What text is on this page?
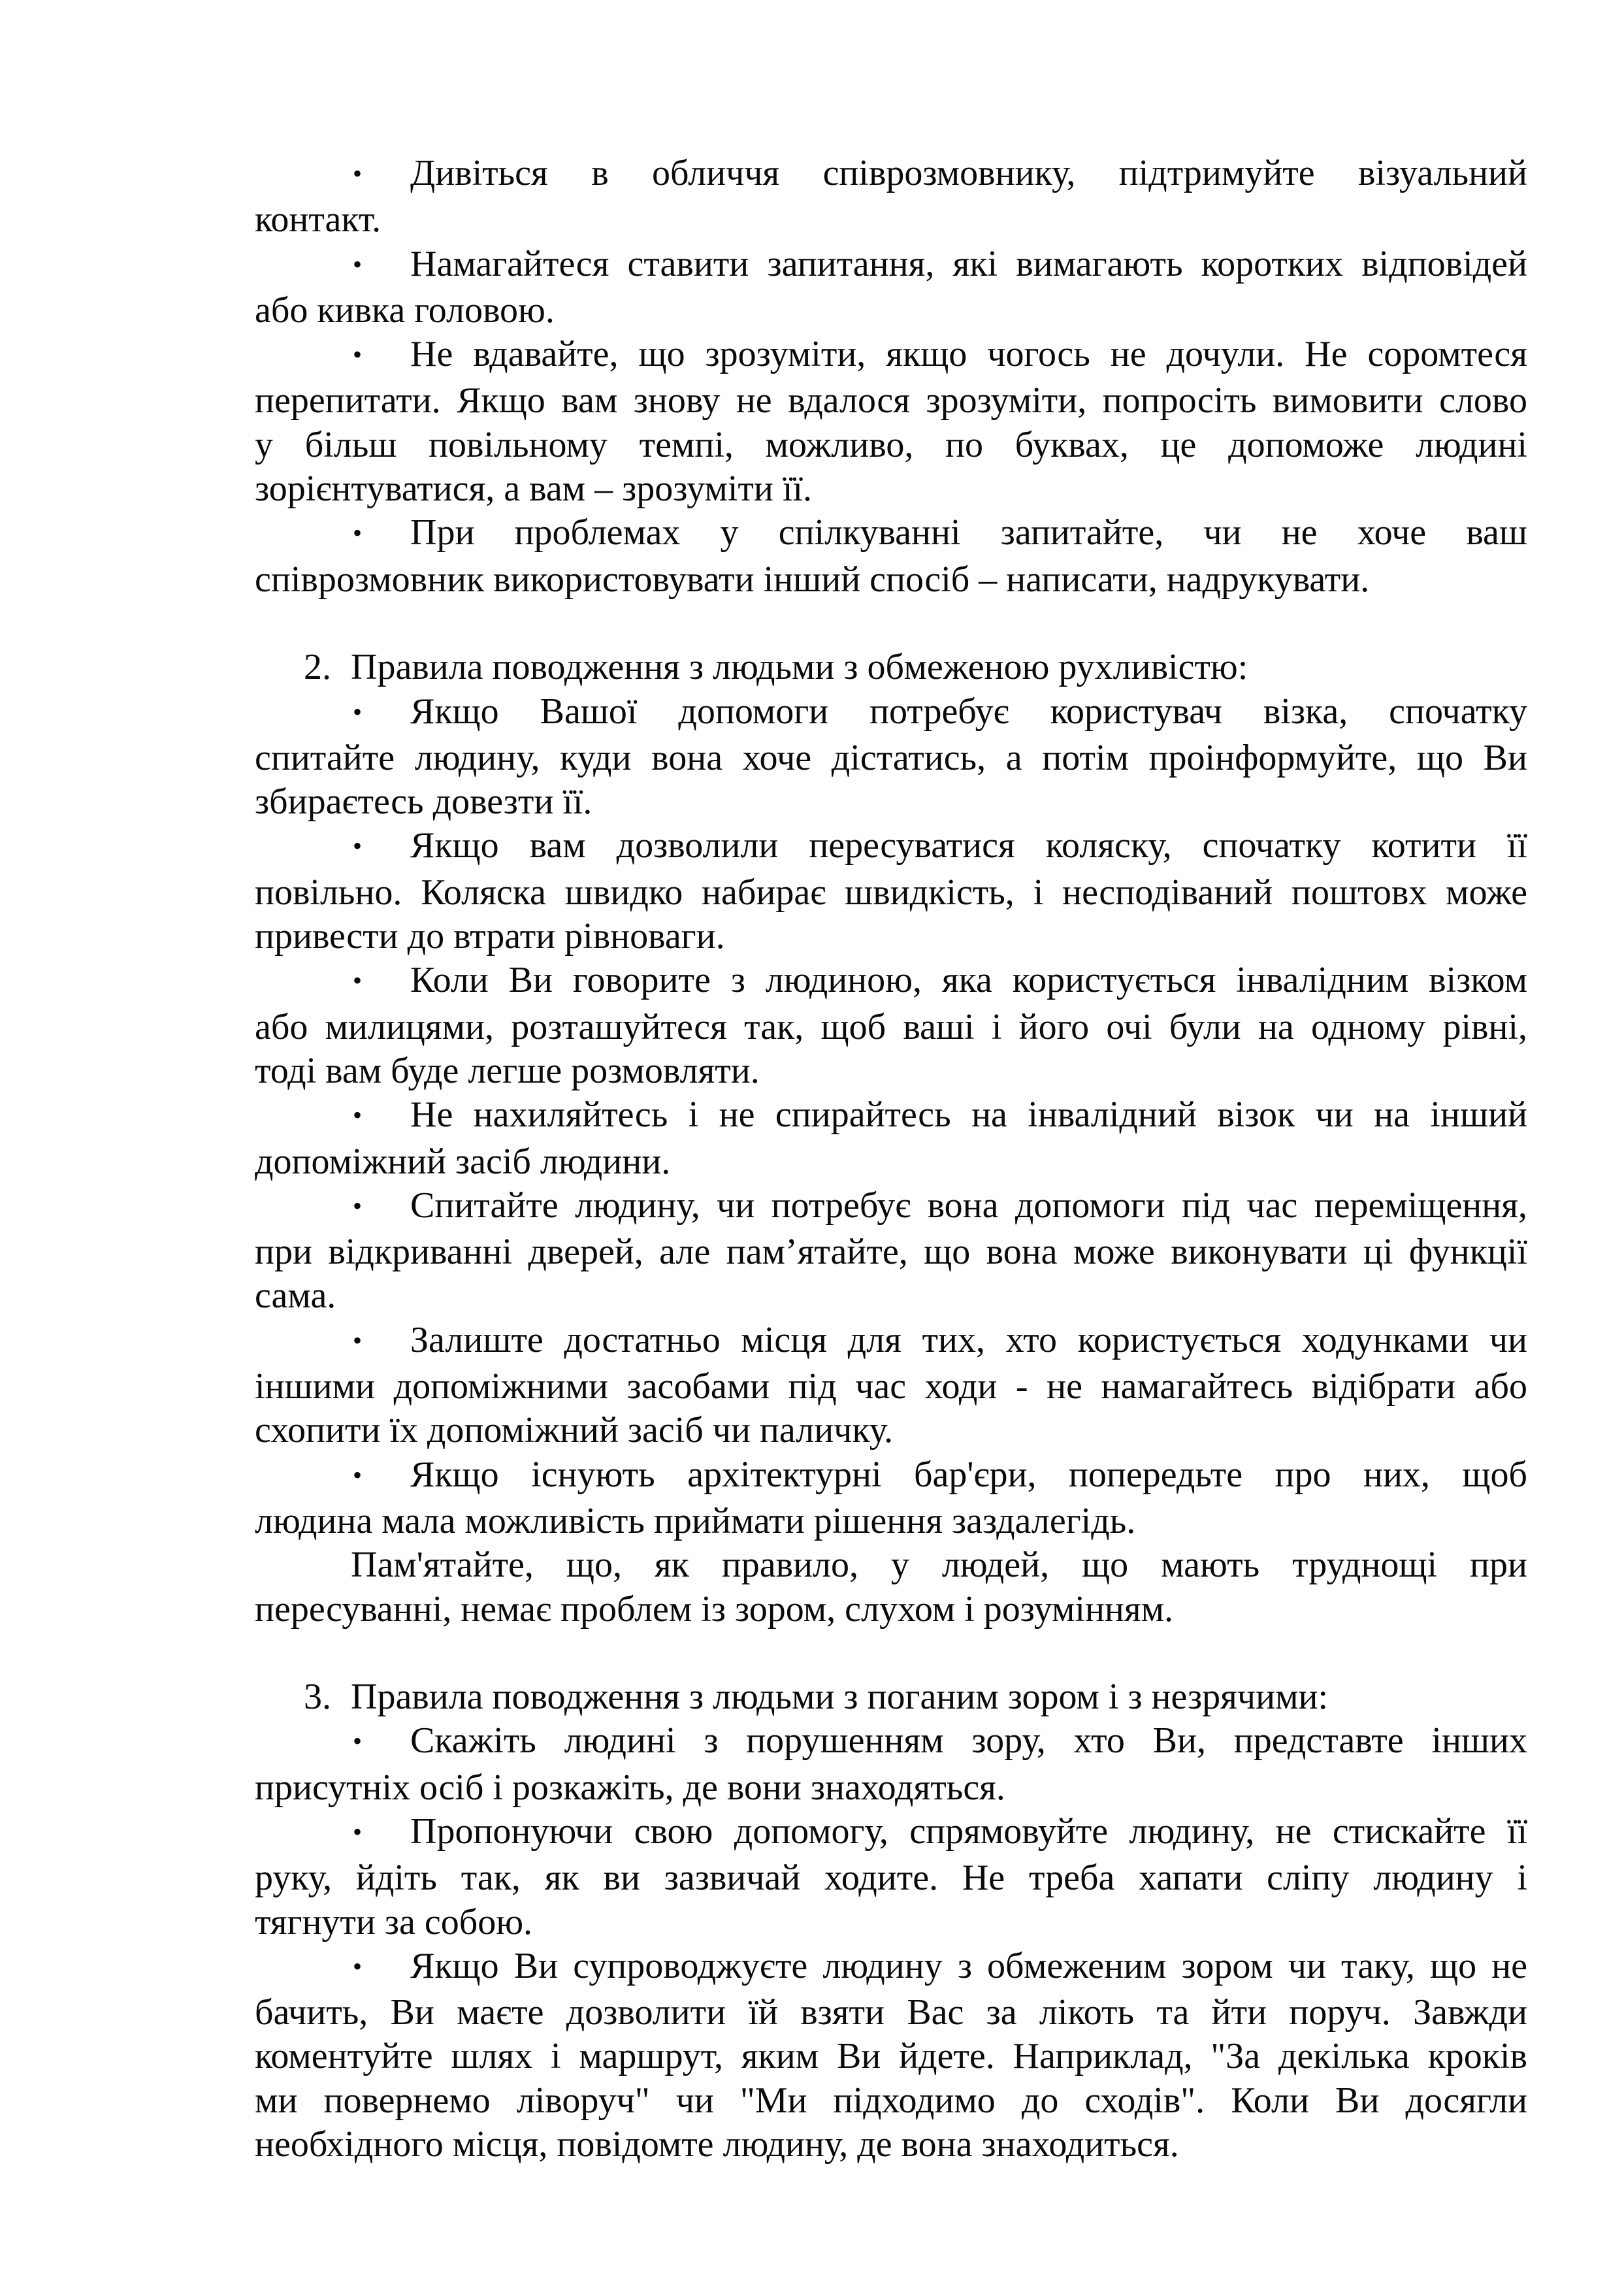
•	Дивіться в обличчя співрозмовнику, підтримуйте візуальний
контакт.
•	Намагайтеся ставити запитання, які вимагають коротких відповідей
або кивка головою.
•	Не вдавайте, що зрозуміти, якщо чогось не дочули. Не соромтеся
перепитати. Якщо вам знову не вдалося зрозуміти, попросіть вимовити слово
у більш повільному темпі, можливо, по буквах, це допоможе людині
зорієнтуватися, а вам – зрозуміти її.
•	При проблемах у спілкуванні запитайте, чи не хоче ваш
співрозмовник використовувати інший спосіб – написати, надрукувати.
2. Правила поводження з людьми з обмеженою рухливістю:
•	Якщо Вашої допомоги потребує користувач візка, спочатку
спитайте людину, куди вона хоче дістатись, а потім проінформуйте, що Ви
збираєтесь довезти її.
•	Якщо вам дозволили пересуватися коляску, спочатку котити її
повільно. Коляска швидко набирає швидкість, і несподіваний поштовх може
привести до втрати рівноваги.
•	Коли Ви говорите з людиною, яка користується інвалідним візком
або милицями, розташуйтеся так, щоб ваші і його очі були на одному рівні,
тоді вам буде легше розмовляти.
•	Не нахиляйтесь і не спирайтесь на інвалідний візок чи на інший
допоміжний засіб людини.
•	Спитайте людину, чи потребує вона допомоги під час переміщення,
при відкриванні дверей, але пам’ятайте, що вона може виконувати ці функції
сама.
•	Залиште достатньо місця для тих, хто користується ходунками чи
іншими допоміжними засобами під час ходи - не намагайтесь відібрати або
схопити їх допоміжний засіб чи паличку.
•	Якщо існують архітектурні бар'єри, попередьте про них, щоб
людина мала можливість приймати рішення заздалегідь.
Пам'ятайте, що, як правило, у людей, що мають труднощі при
пересуванні, немає проблем із зором, слухом і розумінням.
3. Правила поводження з людьми з поганим зором і з незрячими:
•	Скажіть людині з порушенням зору, хто Ви, представте інших
присутніх осіб і розкажіть, де вони знаходяться.
•	Пропонуючи свою допомогу, спрямовуйте людину, не стискайте її
руку, йдіть так, як ви зазвичай ходите. Не треба хапати сліпу людину і
тягнути за собою.
•	Якщо Ви супроводжуєте людину з обмеженим зором чи таку, що не
бачить, Ви маєте дозволити їй взяти Вас за лікоть та йти поруч. Завжди
коментуйте шлях і маршрут, яким Ви йдете. Наприклад, "За декілька кроків
ми повернемо ліворуч" чи "Ми підходимо до сходів". Коли Ви досягли
необхідного місця, повідомте людину, де вона знаходиться.
